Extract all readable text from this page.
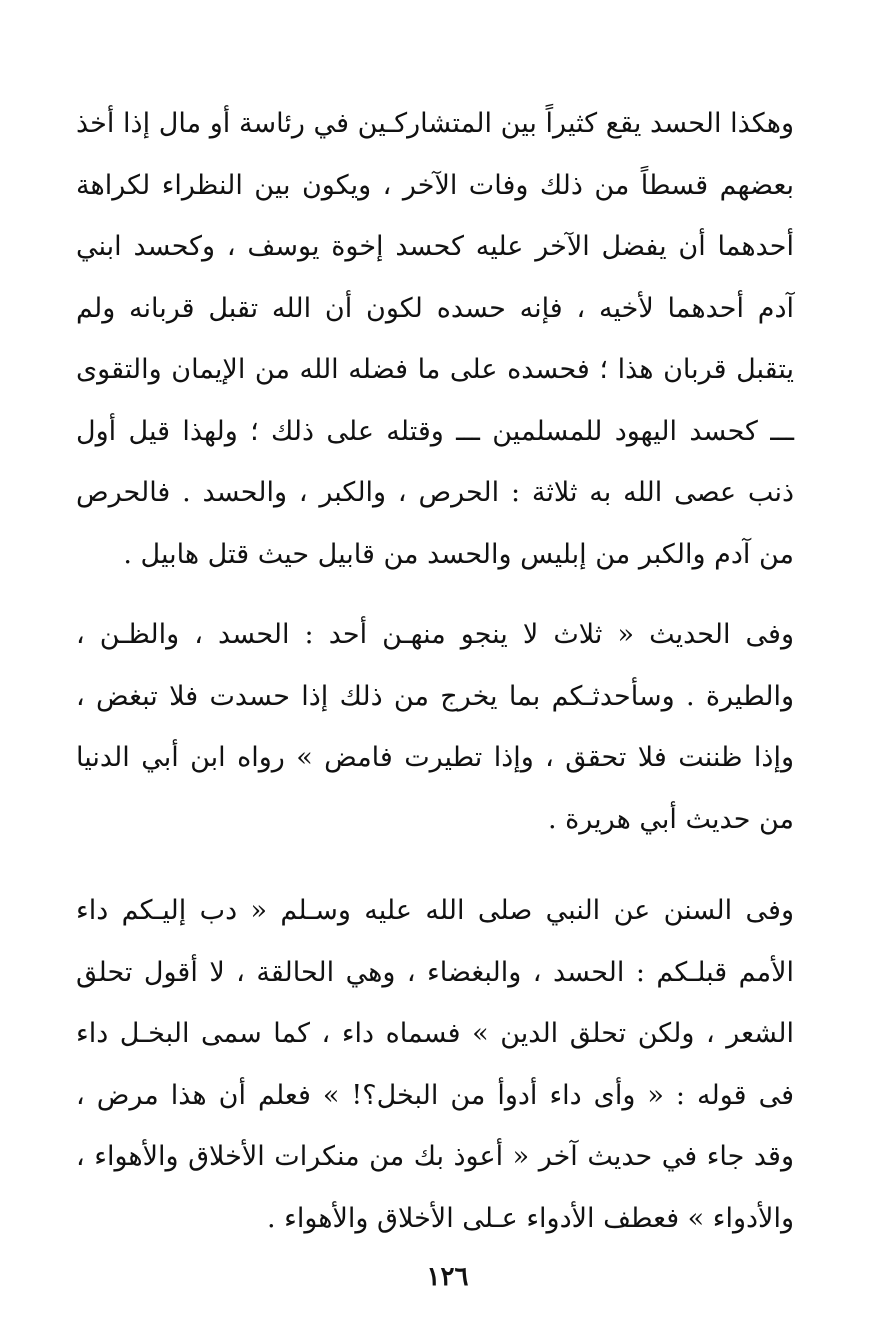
وهكذا الحسد يقع كثيراً بين المتشاركـين في رئاسة أو مال إذا أخذ بعضهم قسطاً من ذلك وفات الآخر ، ويكون بين النظراء لكراهة أحدهما أن يفضل الآخر عليه كحسد إخوة يوسف ، وكحسد ابني آدم أحدهما لأخيه ، فإنه حسده لكون أن الله تقبل قربانه ولم يتقبل قربان هذا ؛ فحسده على ما فضله الله من الإيمان والتقوى ـــ كحسد اليهود للمسلمين ـــ وقتله على ذلك ؛ ولهذا قيل أول ذنب عصى الله به ثلاثة : الحرص ، والكبر ، والحسد . فالحرص من آدم والكبر من إبليس والحسد من قابيل حيث قتل هابيل .

وفى الحديث « ثلاث لا ينجو منهـن أحد : الحسد ، والظـن ، والطيرة . وسأحدثـكم بما يخرج من ذلك إذا حسدت فلا تبغض ، وإذا ظننت فلا تحقق ، وإذا تطيرت فامض » رواه ابن أبي الدنيا من حديث أبي هريرة .

وفى السنن عن النبي صلى الله عليه وسـلم « دب إليـكم داء الأمم قبلـكم : الحسد ، والبغضاء ، وهي الحالقة ، لا أقول تحلق الشعر ، ولكن تحلق الدين » فسماه داء ، كما سمى البخـل داء فى قوله : « وأى داء أدوأ من البخل؟! » فعلم أن هذا مرض ، وقد جاء في حديث آخر « أعوذ بك من منكرات الأخلاق والأهواء ، والأدواء » فعطف الأدواء عـلى الأخلاق والأهواء .

١٢٦
